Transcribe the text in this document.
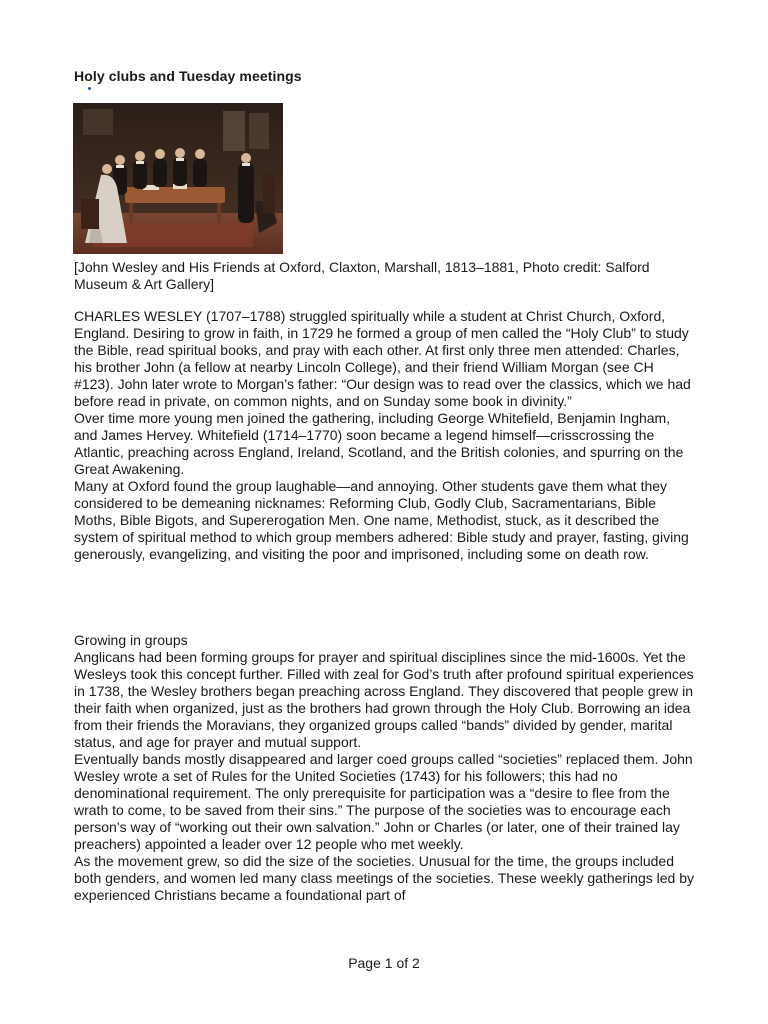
Holy clubs and Tuesday meetings

[John Wesley and His Friends at Oxford, Claxton, Marshall, 1813–1881, Photo credit: Salford Museum & Art Gallery]

CHARLES WESLEY (1707–1788) struggled spiritually while a student at Christ Church, Oxford, England. Desiring to grow in faith, in 1729 he formed a group of men called the “Holy Club” to study the Bible, read spiritual books, and pray with each other. At first only three men attended: Charles, his brother John (a fellow at nearby Lincoln College), and their friend William Morgan (see CH #123). John later wrote to Morgan’s father: “Our design was to read over the classics, which we had before read in private, on common nights, and on Sunday some book in divinity.”

Over time more young men joined the gathering, including George Whitefield, Benjamin Ingham, and James Hervey. Whitefield (1714–1770) soon became a legend himself—crisscrossing the Atlantic, preaching across England, Ireland, Scotland, and the British colonies, and spurring on the Great Awakening.

Many at Oxford found the group laughable—and annoying. Other students gave them what they considered to be demeaning nicknames: Reforming Club, Godly Club, Sacramentarians, Bible Moths, Bible Bigots, and Supererogation Men. One name, Methodist, stuck, as it described the system of spiritual method to which group members adhered: Bible study and prayer, fasting, giving generously, evangelizing, and visiting the poor and imprisoned, including some on death row.

Growing in groups

Anglicans had been forming groups for prayer and spiritual disciplines since the mid-1600s. Yet the Wesleys took this concept further. Filled with zeal for God’s truth after profound spiritual experiences in 1738, the Wesley brothers began preaching across England. They discovered that people grew in their faith when organized, just as the brothers had grown through the Holy Club. Borrowing an idea from their friends the Moravians, they organized groups called “bands” divided by gender, marital status, and age for prayer and mutual support.

Eventually bands mostly disappeared and larger coed groups called “societies” replaced them. John Wesley wrote a set of Rules for the United Societies (1743) for his followers; this had no denominational requirement. The only prerequisite for participation was a “desire to flee from the wrath to come, to be saved from their sins.” The purpose of the societies was to encourage each person’s way of “working out their own salvation.” John or Charles (or later, one of their trained lay preachers) appointed a leader over 12 people who met weekly.

As the movement grew, so did the size of the societies. Unusual for the time, the groups included both genders, and women led many class meetings of the societies. These weekly gatherings led by experienced Christians became a foundational part of

Page 1 of 2
